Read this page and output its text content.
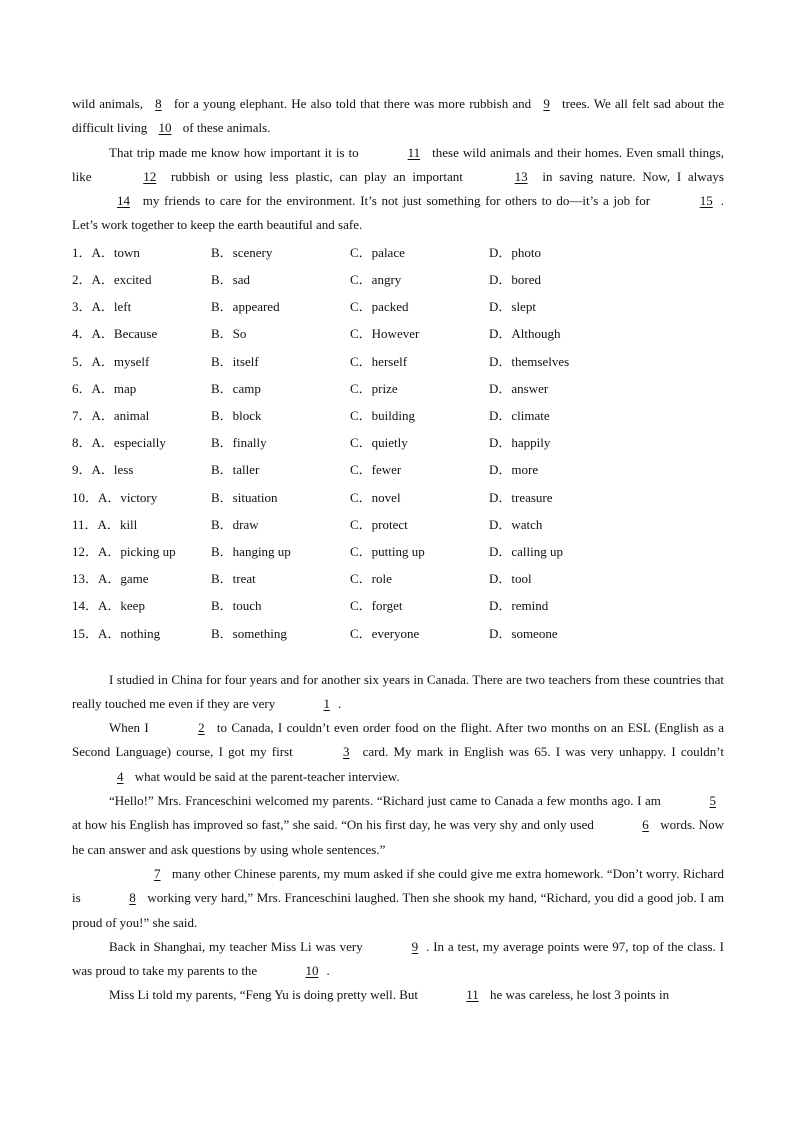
wild animals, 8 for a young elephant. He also told that there was more rubbish and 9 trees. We all felt sad about the difficult living 10 of these animals.

That trip made me know how important it is to	11 these wild animals and their homes. Even small things, like	12 rubbish or using less plastic, can play an important	13 in saving nature. Now, I always 14 my friends to care for the environment. It’s not just something for others to do—it’s a job for	15 . Let’s work together to keep the earth beautiful and safe.

1．A．town	B．scenery	C．palace	D．photo
2．A．excited	B．sad	C．angry	D．bored
3．A．left	B．appeared	C．packed	D．slept
4．A．Because	B．So	C．However	D．Although
5．A．myself	B．itself	C．herself	D．themselves
6．A．map	B．camp	C．prize	D．answer
7．A．animal	B．block	C．building	D．climate
8．A．especially	B．finally	C．quietly	D．happily
9．A．less	B．taller	C．fewer	D．more
10．A．victory	B．situation	C．novel	D．treasure
11．A．kill	B．draw	C．protect	D．watch
12．A．picking up	B．hanging up	C．putting up	D．calling up
13．A．game	B．treat	C．role	D．tool
14．A．keep	B．touch	C．forget	D．remind
15．A．nothing	B．something	C．everyone	D．someone

I studied in China for four years and for another six years in Canada. There are two teachers from these countries that really touched me even if they are very	1 .

When I	2 to Canada, I couldn’t even order food on the flight. After two months on an ESL (English as a Second Language) course, I got my first	3 card. My mark in English was 65. I was very unhappy. I couldn’t 4 what would be said at the parent-teacher interview.

“Hello!” Mrs. Franceschini welcomed my parents. “Richard just came to Canada a few months ago. I am	5 at how his English has improved so fast,” she said. “On his first day, he was very shy and only used	6 words. Now he can answer and ask questions by using whole sentences.”

7 many other Chinese parents, my mum asked if she could give me extra homework. “Don’t worry. Richard is	8 working very hard,” Mrs. Franceschini laughed. Then she shook my hand, “Richard, you did a good job. I am proud of you!” she said.

Back in Shanghai, my teacher Miss Li was very	9 . In a test, my average points were 97, top of the class. I was proud to take my parents to the	10 .

Miss Li told my parents, “Feng Yu is doing pretty well. But	11 he was careless, he lost 3 points in
